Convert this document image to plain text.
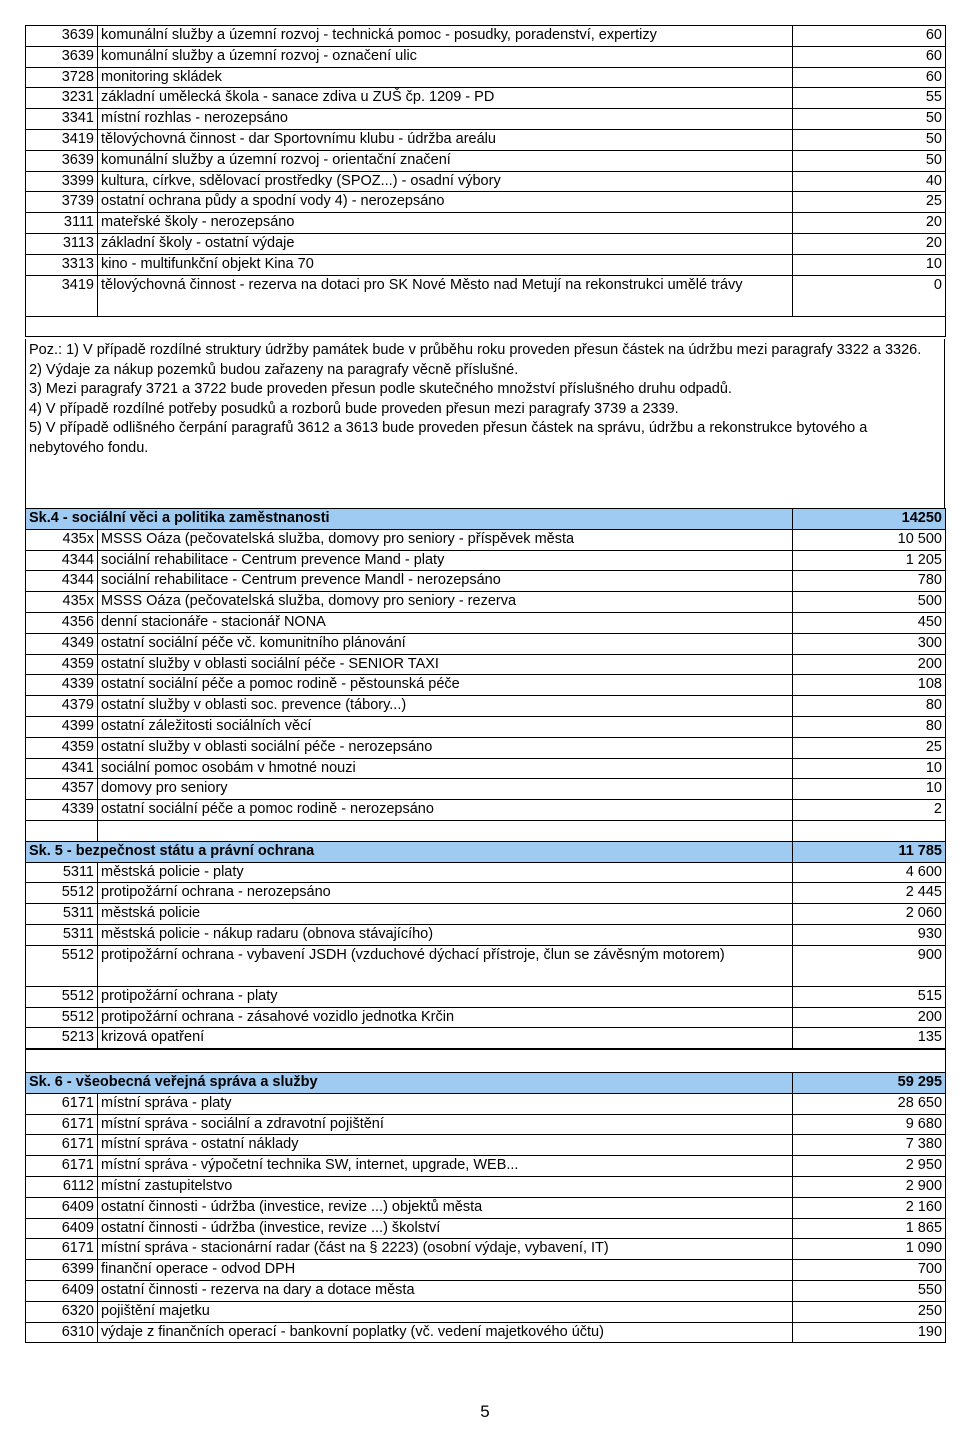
3639	komunální služby a územní rozvoj - technická pomoc - posudky, poradenství, expertizy	60
3639	komunální služby a územní rozvoj - označení ulic	60
3728	monitoring skládek	60
3231	základní umělecká škola - sanace zdiva u ZUŠ čp. 1209 - PD	55
3341	místní rozhlas - nerozepsáno	50
3419	tělovýchovná činnost - dar Sportovnímu klubu - údržba areálu	50
3639	komunální služby a územní rozvoj - orientační značení	50
3399	kultura, církve, sdělovací prostředky (SPOZ...) - osadní výbory	40
3739	ostatní ochrana půdy a spodní vody 4) - nerozepsáno	25
3111	mateřské školy - nerozepsáno	20
3113	základní školy - ostatní výdaje	20
3313	kino - multifunkční objekt Kina 70	10
3419	tělovýchovná činnost - rezerva na dotaci pro SK Nové Město nad Metují na rekonstrukci umělé trávy	0

Poz.: 1) V případě rozdílné struktury údržby památek bude v průběhu roku proveden přesun částek na údržbu mezi paragrafy 3322 a 3326.
2) Výdaje za nákup pozemků budou zařazeny na paragrafy věcně příslušné.
3) Mezi paragrafy 3721 a 3722 bude proveden přesun podle skutečného množství příslušného druhu odpadů.
4) V případě rozdílné potřeby posudků a rozborů bude proveden přesun mezi paragrafy 3739 a 2339.
5) V případě odlišného čerpání paragrafů 3612 a 3613 bude proveden přesun částek na správu, údržbu a rekonstrukce bytového a nebytového fondu.
Sk.4 - sociální věci a politika zaměstnanosti		14250
435x	MSSS Oáza (pečovatelská služba, domovy pro seniory - příspěvek města	10 500
4344	sociální rehabilitace - Centrum prevence Mand - platy	1 205
4344	sociální rehabilitace - Centrum prevence Mandl - nerozepsáno	780
435x	MSSS Oáza (pečovatelská služba, domovy pro seniory - rezerva	500
4356	denní stacionáře - stacionář NONA	450
4349	ostatní sociální péče vč. komunitního plánování	300
4359	ostatní služby v oblasti sociální péče - SENIOR TAXI	200
4339	ostatní sociální péče a pomoc rodině - pěstounská péče	108
4379	ostatní služby v oblasti soc. prevence (tábory...)	80
4399	ostatní záležitosti sociálních věcí	80
4359	ostatní služby v oblasti sociální péče - nerozepsáno	25
4341	sociální pomoc osobám v hmotné nouzi	10
4357	domovy pro seniory	10
4339	ostatní sociální péče a pomoc rodině - nerozepsáno	2

Sk. 5 - bezpečnost státu a právní ochrana		11 785
5311	městská policie - platy	4 600
5512	protipožární ochrana - nerozepsáno	2 445
5311	městská policie	2 060
5311	městská policie - nákup radaru (obnova stávajícího)	930
5512	protipožární ochrana - vybavení JSDH (vzduchové dýchací přístroje, člun se závěsným motorem)	900
5512	protipožární ochrana - platy	515
5512	protipožární ochrana - zásahové vozidlo jednotka Krčin	200
5213	krizová opatření	135

Sk. 6 - všeobecná veřejná správa a služby		59 295
6171	místní správa - platy	28 650
6171	místní správa - sociální a zdravotní pojištění	9 680
6171	místní správa - ostatní náklady	7 380
6171	místní správa - výpočetní technika SW, internet, upgrade, WEB...	2 950
6112	místní zastupitelstvo	2 900
6409	ostatní činnosti - údržba (investice, revize ...) objektů města	2 160
6409	ostatní činnosti - údržba (investice, revize ...) školství	1 865
6171	místní správa - stacionární radar (část na § 2223) (osobní výdaje, vybavení, IT)	1 090
6399	finanční operace - odvod DPH	700
6409	ostatní činnosti - rezerva na dary a dotace města	550
6320	pojištění majetku	250
6310	výdaje z finančních operací - bankovní poplatky (vč. vedení majetkového účtu)	190
5
